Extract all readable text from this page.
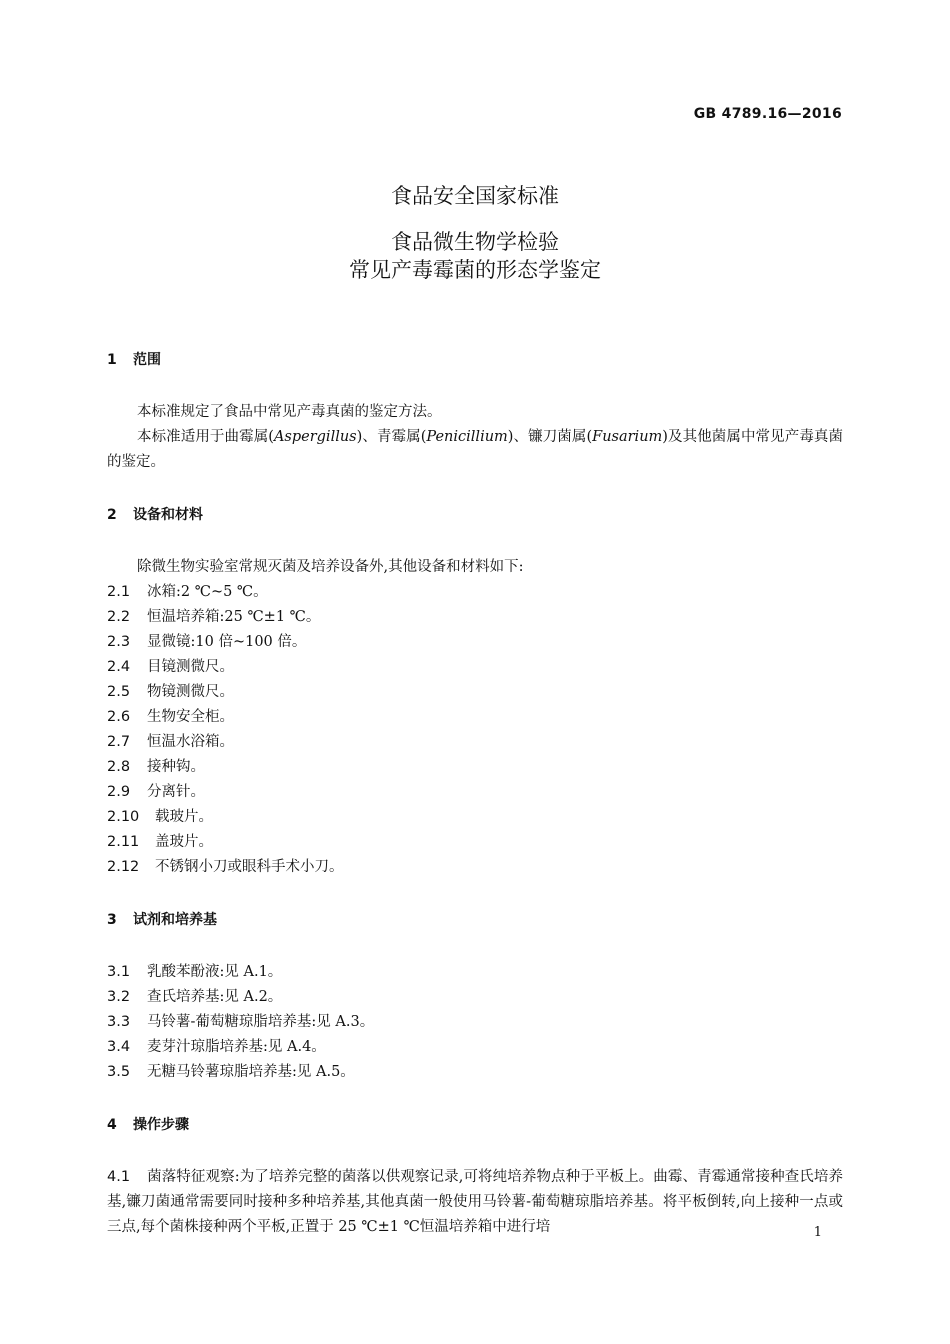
GB 4789.16—2016
食品安全国家标准
食品微生物学检验
常见产毒霉菌的形态学鉴定
1 范围
本标准规定了食品中常见产毒真菌的鉴定方法。
本标准适用于曲霉属(Aspergillus)、青霉属(Penicillium)、镰刀菌属(Fusarium)及其他菌属中常见产毒真菌的鉴定。
2 设备和材料
除微生物实验室常规灭菌及培养设备外,其他设备和材料如下:
2.1 冰箱:2 ℃~5 ℃。
2.2 恒温培养箱:25 ℃±1 ℃。
2.3 显微镜:10 倍~100 倍。
2.4 目镜测微尺。
2.5 物镜测微尺。
2.6 生物安全柜。
2.7 恒温水浴箱。
2.8 接种钩。
2.9 分离针。
2.10 载玻片。
2.11 盖玻片。
2.12 不锈钢小刀或眼科手术小刀。
3 试剂和培养基
3.1 乳酸苯酚液:见 A.1。
3.2 查氏培养基:见 A.2。
3.3 马铃薯-葡萄糖琼脂培养基:见 A.3。
3.4 麦芽汁琼脂培养基:见 A.4。
3.5 无糖马铃薯琼脂培养基:见 A.5。
4 操作步骤
4.1 菌落特征观察:为了培养完整的菌落以供观察记录,可将纯培养物点种于平板上。曲霉、青霉通常接种查氏培养基,镰刀菌通常需要同时接种多种培养基,其他真菌一般使用马铃薯-葡萄糖琼脂培养基。将平板倒转,向上接种一点或三点,每个菌株接种两个平板,正置于 25 ℃±1 ℃恒温培养箱中进行培	1
